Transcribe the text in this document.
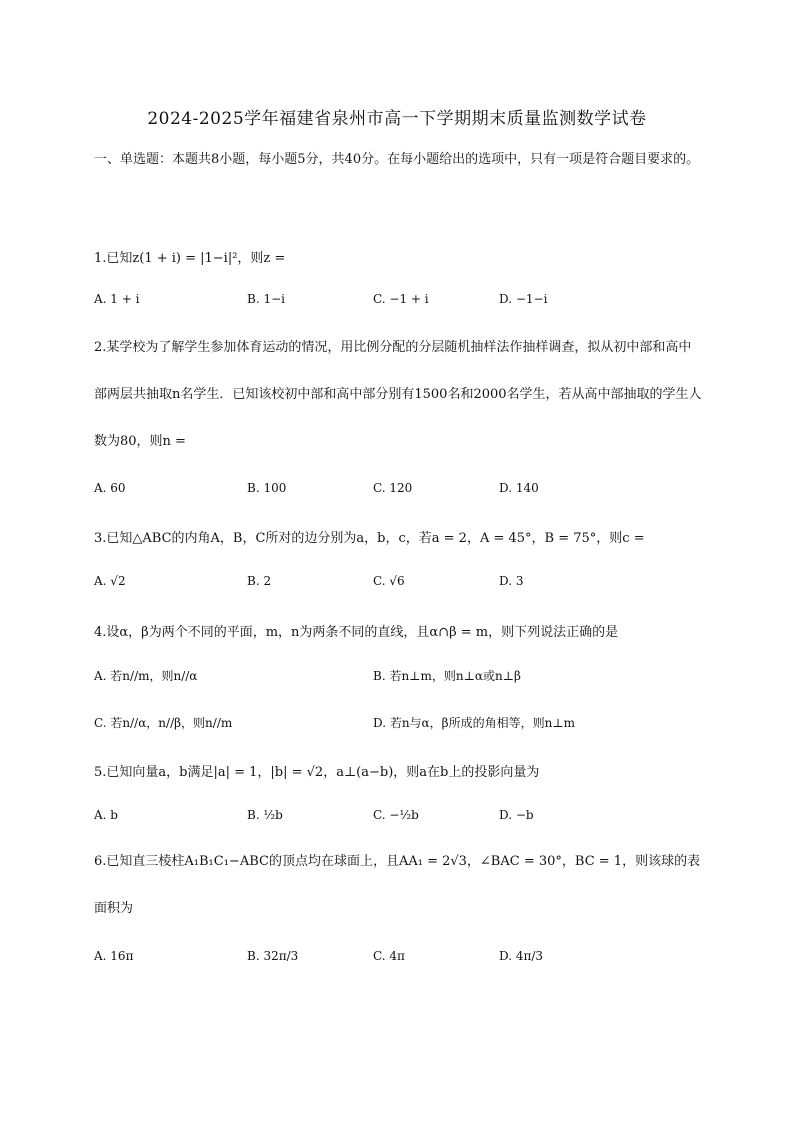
2024-2025学年福建省泉州市高一下学期期末质量监测数学试卷
一、单选题：本题共8小题，每小题5分，共40分。在每小题给出的选项中，只有一项是符合题目要求的。
1.已知z(1 + i) = |1−i|²，则z =
A. 1 + i	B. 1−i	C. −1 + i	D. −1−i
2.某学校为了解学生参加体育运动的情况，用比例分配的分层随机抽样法作抽样调查，拟从初中部和高中部两层共抽取n名学生．已知该校初中部和高中部分别有1500名和2000名学生，若从高中部抽取的学生人数为80，则n =
A. 60	B. 100	C. 120	D. 140
3.已知△ABC的内角A，B，C所对的边分别为a，b，c，若a = 2，A = 45°，B = 75°，则c =
A. √2	B. 2	C. √6	D. 3
4.设α，β为两个不同的平面，m，n为两条不同的直线，且α∩β = m，则下列说法正确的是
A. 若n//m，则n//α	B. 若n⊥m，则n⊥α或n⊥β
C. 若n//α，n//β，则n//m	D. 若n与α，β所成的角相等，则n⊥m
5.已知向量a，b满足|a| = 1，|b| = √2，a⊥(a−b)，则a在b上的投影向量为
A. b	B. ½b	C. −½b	D. −b
6.已知直三棱柱A₁B₁C₁−ABC的顶点均在球面上，且AA₁ = 2√3，∠BAC = 30°，BC = 1，则该球的表面积为
A. 16π	B. 32π/3	C. 4π	D. 4π/3
